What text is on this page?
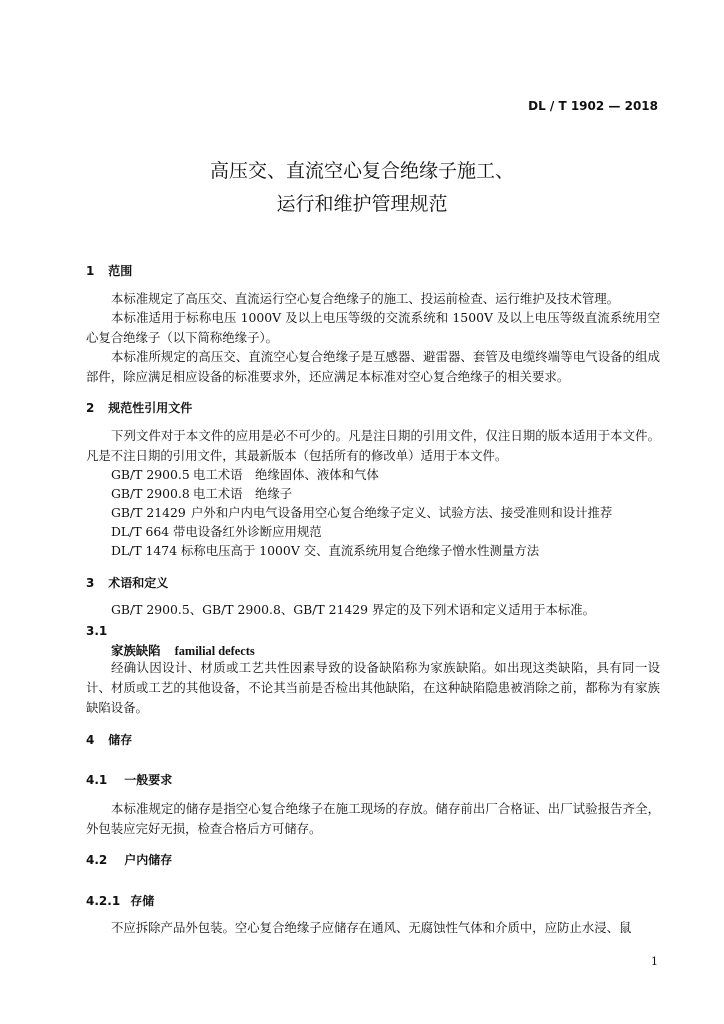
DL / T 1902 — 2018
高压交、直流空心复合绝缘子施工、
运行和维护管理规范
1 范围
本标准规定了高压交、直流运行空心复合绝缘子的施工、投运前检查、运行维护及技术管理。
本标准适用于标称电压 1000V 及以上电压等级的交流系统和 1500V 及以上电压等级直流系统用空心复合绝缘子（以下简称绝缘子）。
本标准所规定的高压交、直流空心复合绝缘子是互感器、避雷器、套管及电缆终端等电气设备的组成部件，除应满足相应设备的标准要求外，还应满足本标准对空心复合绝缘子的相关要求。
2 规范性引用文件
下列文件对于本文件的应用是必不可少的。凡是注日期的引用文件，仅注日期的版本适用于本文件。凡是不注日期的引用文件，其最新版本（包括所有的修改单）适用于本文件。
GB/T 2900.5 电工术语　绝缘固体、液体和气体
GB/T 2900.8 电工术语　绝缘子
GB/T 21429 户外和户内电气设备用空心复合绝缘子定义、试验方法、接受准则和设计推荐
DL/T 664 带电设备红外诊断应用规范
DL/T 1474 标称电压高于 1000V 交、直流系统用复合绝缘子憎水性测量方法
3 术语和定义
GB/T 2900.5、GB/T 2900.8、GB/T 21429 界定的及下列术语和定义适用于本标准。
3.1
家族缺陷 familial defects
经确认因设计、材质或工艺共性因素导致的设备缺陷称为家族缺陷。如出现这类缺陷，具有同一设计、材质或工艺的其他设备，不论其当前是否检出其他缺陷，在这种缺陷隐患被消除之前，都称为有家族缺陷设备。
4 储存
4.1 一般要求
本标准规定的储存是指空心复合绝缘子在施工现场的存放。储存前出厂合格证、出厂试验报告齐全，外包装应完好无损，检查合格后方可储存。
4.2 户内储存
4.2.1 存储
不应拆除产品外包装。空心复合绝缘子应储存在通风、无腐蚀性气体和介质中，应防止水浸、鼠
1
